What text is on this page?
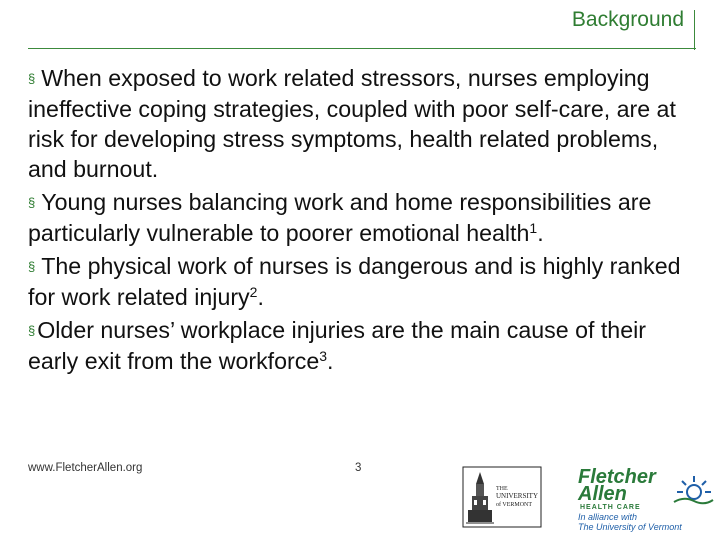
Background

§ When exposed to work related stressors, nurses employing ineffective coping strategies, coupled with poor self-care, are at risk for developing stress symptoms, health related problems, and burnout.

§ Young nurses balancing work and home responsibilities are particularly vulnerable to poorer emotional health$^1$.

§ The physical work of nurses is dangerous and is highly ranked for work related injury$^2$.

§Older nurses’ workplace injuries are the main cause of their early exit from the workforce$^3$.

www.FletcherAllen.org	3
THE
UNIVERSITY
of VERMONT
Fletcher
Allen
HEALTH CARE
In alliance with
The University of Vermont
